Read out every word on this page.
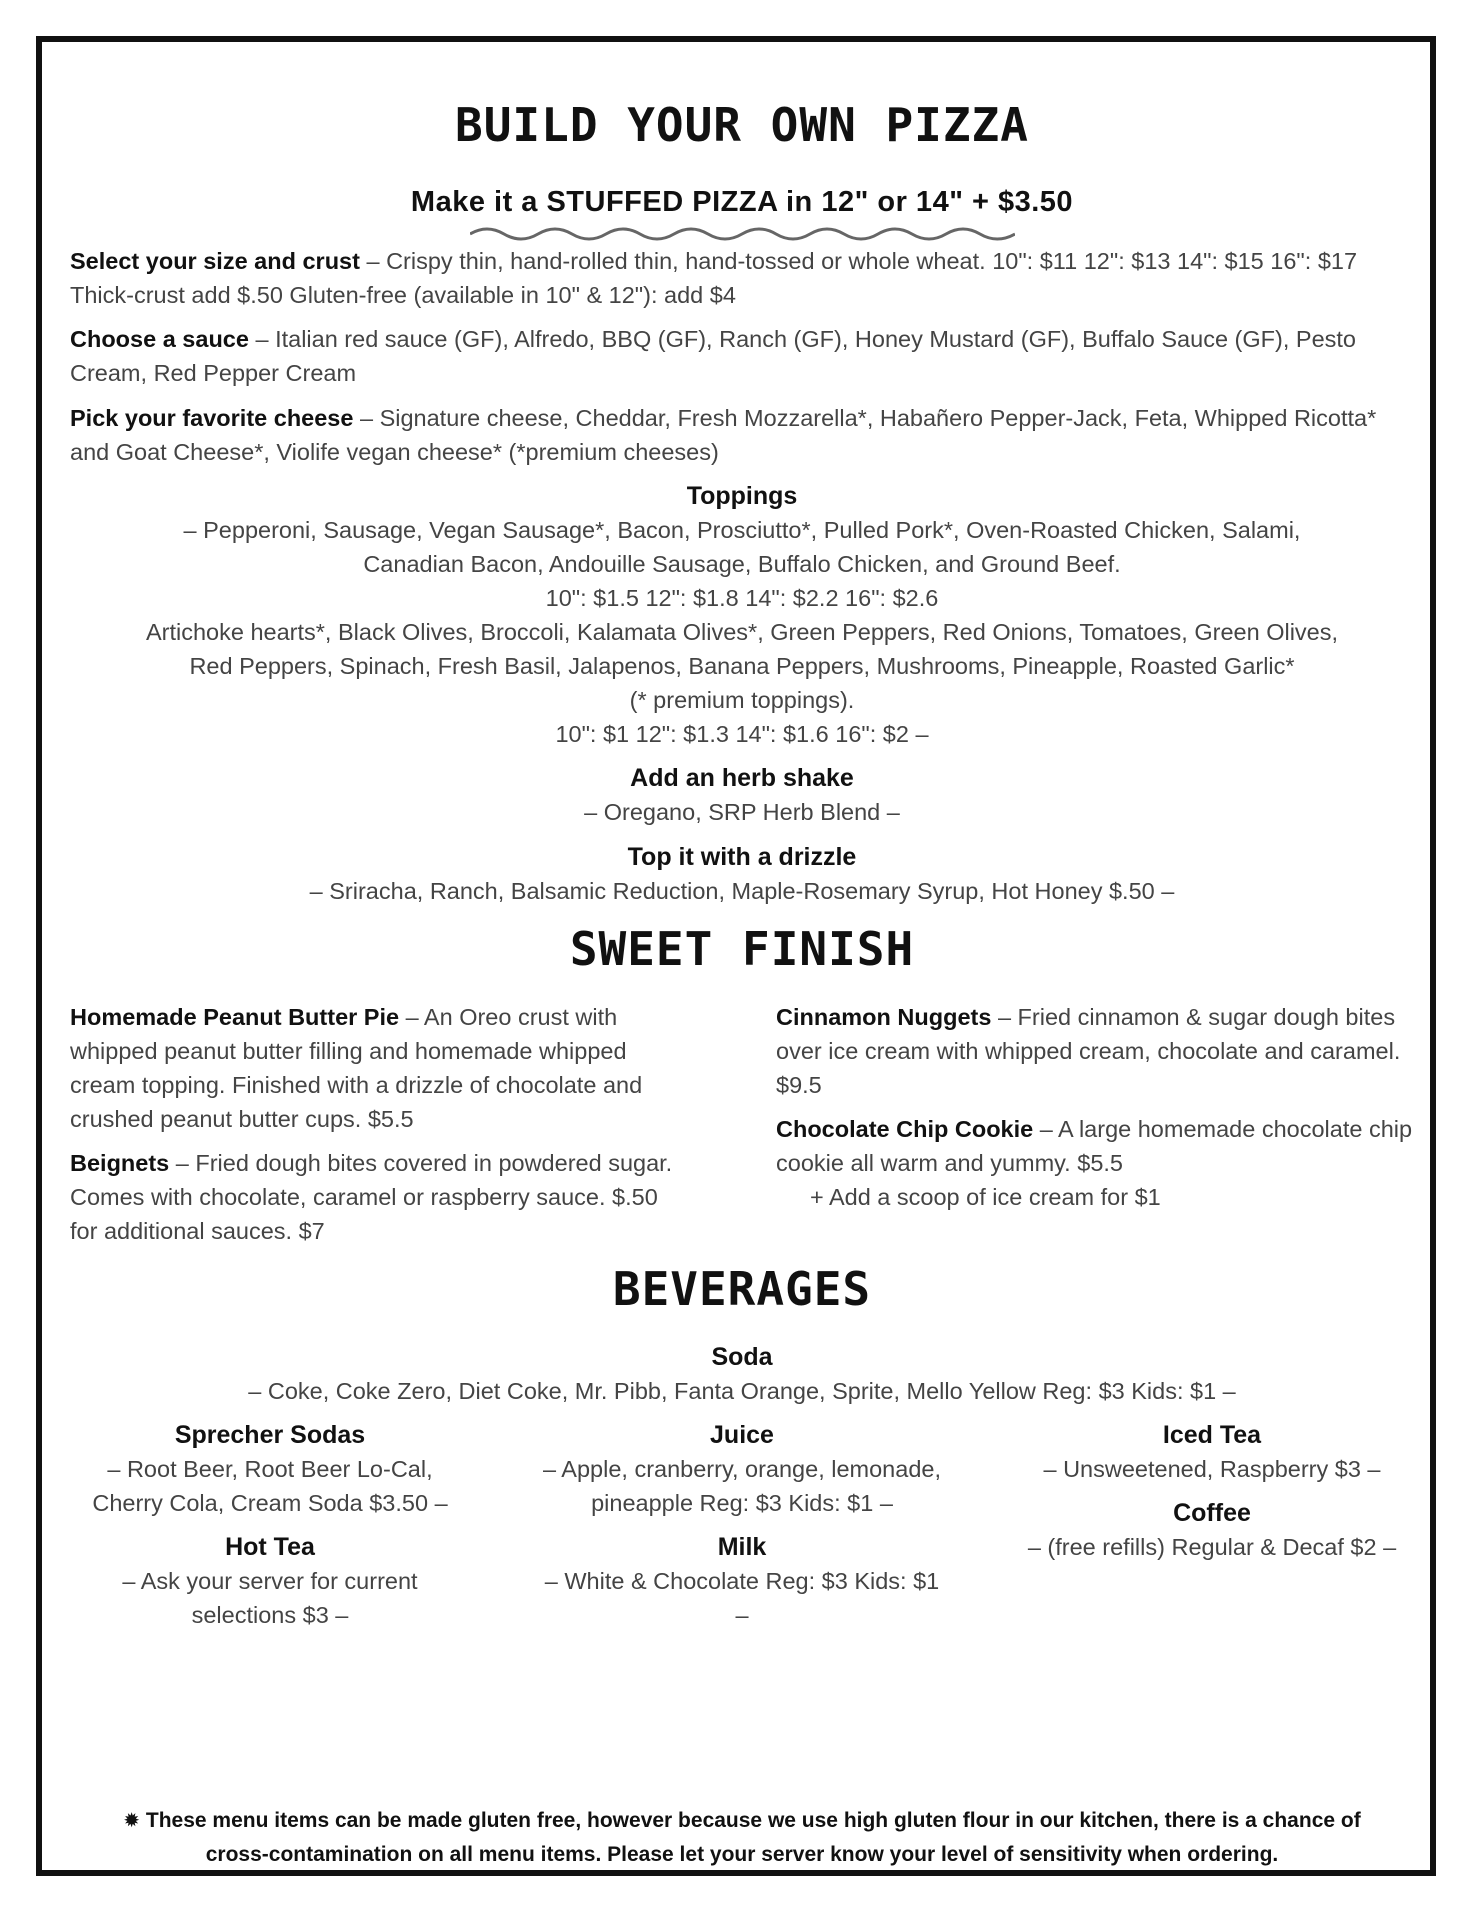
BUILD YOUR OWN PIZZA
Make it a STUFFED PIZZA in 12" or 14" + $3.50
Select your size and crust – Crispy thin, hand-rolled thin, hand-tossed or whole wheat. 10": $11 12": $13 14": $15 16": $17 Thick-crust add $.50 Gluten-free (available in 10" & 12"): add $4
Choose a sauce – Italian red sauce (GF), Alfredo, BBQ (GF), Ranch (GF), Honey Mustard (GF), Buffalo Sauce (GF), Pesto Cream, Red Pepper Cream
Pick your favorite cheese – Signature cheese, Cheddar, Fresh Mozzarella*, Habañero Pepper-Jack, Feta, Whipped Ricotta* and Goat Cheese*, Violife vegan cheese* (*premium cheeses)
Toppings
– Pepperoni, Sausage, Vegan Sausage*, Bacon, Prosciutto*, Pulled Pork*, Oven-Roasted Chicken, Salami,
Canadian Bacon, Andouille Sausage, Buffalo Chicken, and Ground Beef.
10": $1.5 12": $1.8 14": $2.2 16": $2.6
Artichoke hearts*, Black Olives, Broccoli, Kalamata Olives*, Green Peppers, Red Onions, Tomatoes, Green Olives,
Red Peppers, Spinach, Fresh Basil, Jalapenos, Banana Peppers, Mushrooms, Pineapple, Roasted Garlic*
(* premium toppings).
10": $1 12": $1.3 14": $1.6 16": $2 –
Add an herb shake
– Oregano, SRP Herb Blend –
Top it with a drizzle
– Sriracha, Ranch, Balsamic Reduction, Maple-Rosemary Syrup, Hot Honey $.50 –
SWEET FINISH

Homemade Peanut Butter Pie – An Oreo crust with whipped peanut butter filling and homemade whipped cream topping. Finished with a drizzle of chocolate and crushed peanut butter cups. $5.5

Beignets – Fried dough bites covered in powdered sugar. Comes with chocolate, caramel or raspberry sauce. $.50 for additional sauces. $7

Cinnamon Nuggets – Fried cinnamon & sugar dough bites over ice cream with whipped cream, chocolate and caramel. $9.5

Chocolate Chip Cookie – A large homemade chocolate chip cookie all warm and yummy. $5.5

+ Add a scoop of ice cream for $1
BEVERAGES
Soda
– Coke, Coke Zero, Diet Coke, Mr. Pibb, Fanta Orange, Sprite, Mello Yellow Reg: $3 Kids: $1 –
Sprecher Sodas
– Root Beer, Root Beer Lo-Cal, Cherry Cola, Cream Soda $3.50 –
Hot Tea
– Ask your server for current selections $3 –
Juice
– Apple, cranberry, orange, lemonade, pineapple Reg: $3 Kids: $1 –
Milk
– White & Chocolate Reg: $3 Kids: $1 –
Iced Tea
– Unsweetened, Raspberry $3 –
Coffee
– (free refills) Regular & Decaf $2 –
✹ These menu items can be made gluten free, however because we use high gluten flour in our kitchen, there is a chance of cross-contamination on all menu items. Please let your server know your level of sensitivity when ordering.
